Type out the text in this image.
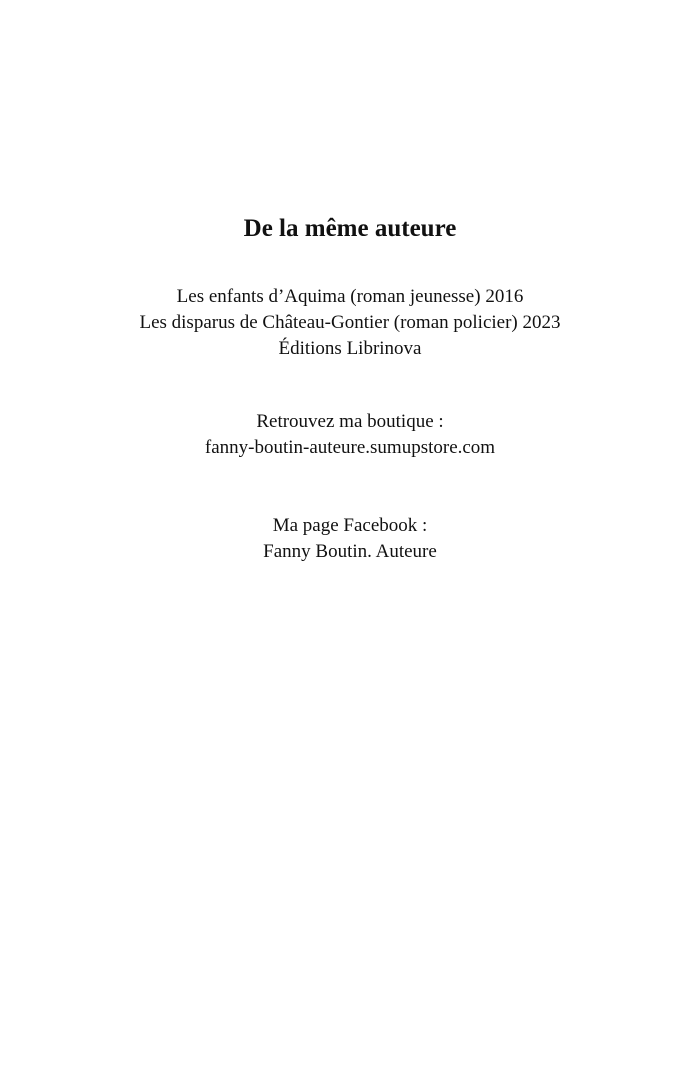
De la même auteure
Les enfants d’Aquima (roman jeunesse) 2016
Les disparus de Château-Gontier (roman policier) 2023
Éditions Librinova
Retrouvez ma boutique :
fanny-boutin-auteure.sumupstore.com
Ma page Facebook :
Fanny Boutin. Auteure
